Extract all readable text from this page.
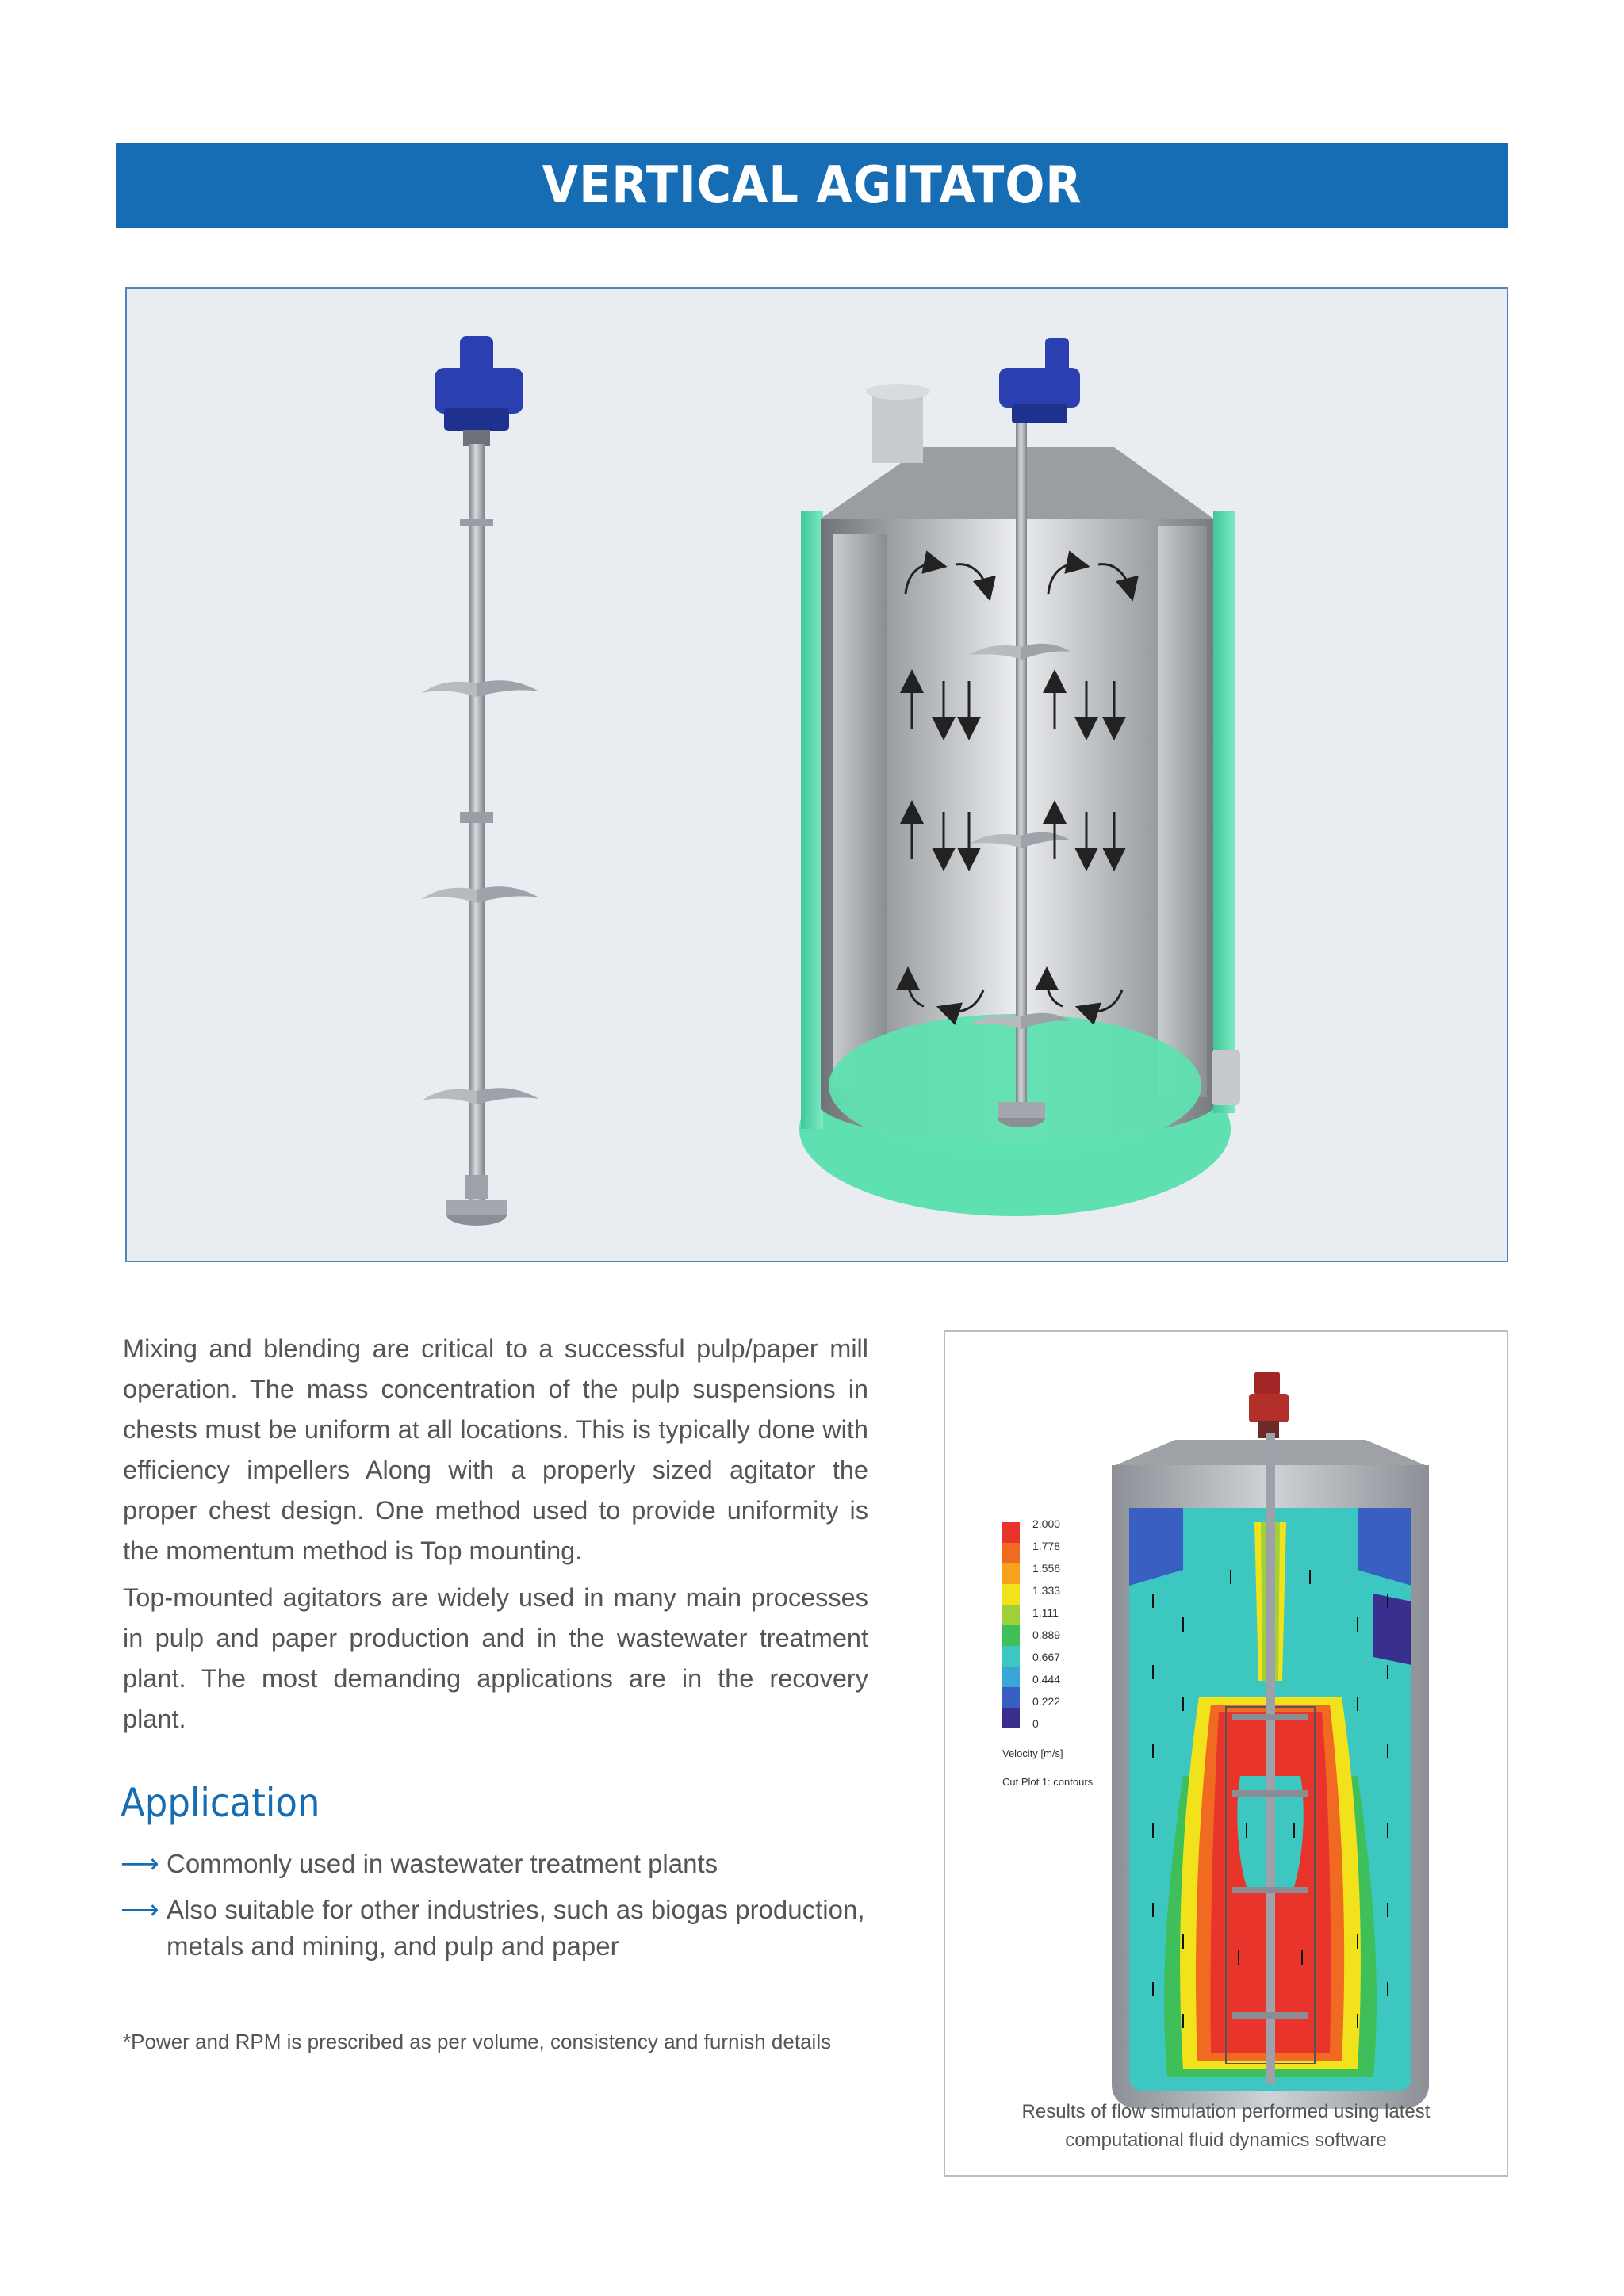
VERTICAL AGITATOR

Mixing and blending are critical to a successful pulp/paper mill operation. The mass concentration of the pulp suspensions in chests must be uniform at all locations. This is typically done with efficiency impellers Along with a properly sized agitator the proper chest design. One method used to provide uniformity is the momentum method is Top mounting.

Top-mounted agitators are widely used in many main processes in pulp and paper production and in the wastewater treatment plant. The most demanding applications are in the recovery plant.

Application
⟶ Commonly used in wastewater treatment plants
⟶ Also suitable for other industries, such as biogas production, metals and mining, and pulp and paper
*Power and RPM is prescribed as per volume, consistency and furnish details
2.000
1.778
1.556
1.333
1.111
0.889
0.667
0.444
0.222
0
Velocity [m/s]
Cut Plot 1: contours
Results of flow simulation performed using latest
computational fluid dynamics software
